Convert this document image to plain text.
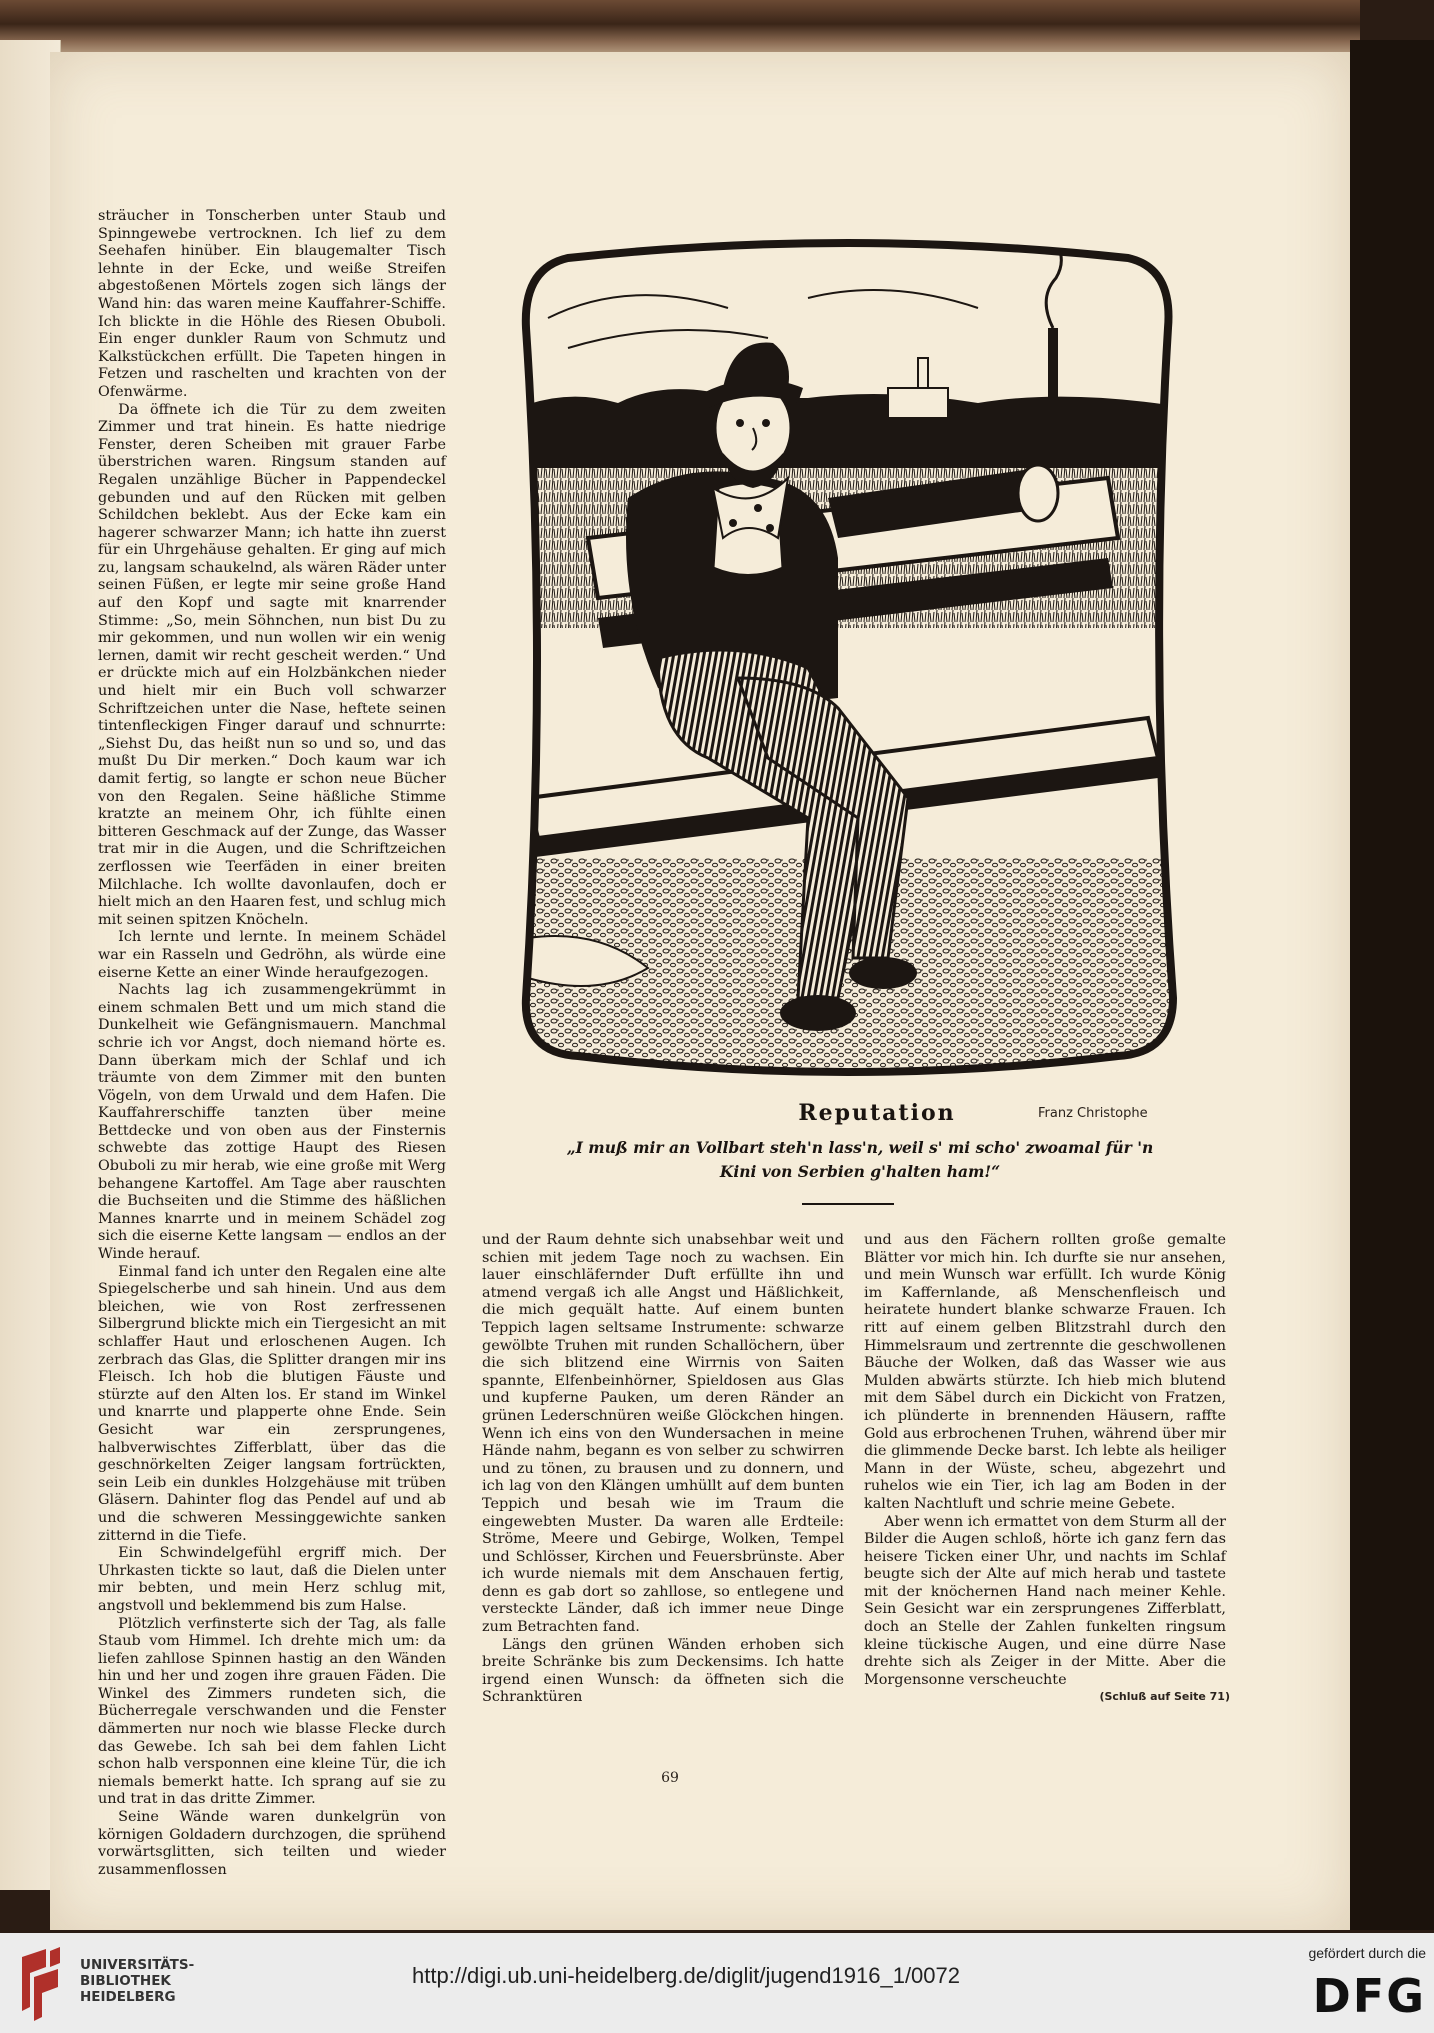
sträucher in Tonscherben unter Staub und Spinngewebe vertrocknen. Ich lief zu dem Seehafen hinüber. Ein blaugemalter Tisch lehnte in der Ecke, und weiße Streifen abgestoßenen Mörtels zogen sich längs der Wand hin: das waren meine Kauffahrer-Schiffe. Ich blickte in die Höhle des Riesen Obuboli. Ein enger dunkler Raum von Schmutz und Kalkstückchen erfüllt. Die Tapeten hingen in Fetzen und raschelten und krachten von der Ofenwärme.

Da öffnete ich die Tür zu dem zweiten Zimmer und trat hinein. Es hatte niedrige Fenster, deren Scheiben mit grauer Farbe überstrichen waren. Ringsum standen auf Regalen unzählige Bücher in Pappendeckel gebunden und auf den Rücken mit gelben Schildchen beklebt. Aus der Ecke kam ein hagerer schwarzer Mann; ich hatte ihn zuerst für ein Uhrgehäuse gehalten. Er ging auf mich zu, langsam schaukelnd, als wären Räder unter seinen Füßen, er legte mir seine große Hand auf den Kopf und sagte mit knarrender Stimme: „So, mein Söhnchen, nun bist Du zu mir gekommen, und nun wollen wir ein wenig lernen, damit wir recht gescheit werden.“ Und er drückte mich auf ein Holzbänkchen nieder und hielt mir ein Buch voll schwarzer Schriftzeichen unter die Nase, heftete seinen tintenfleckigen Finger darauf und schnurrte: „Siehst Du, das heißt nun so und so, und das mußt Du Dir merken.“ Doch kaum war ich damit fertig, so langte er schon neue Bücher von den Regalen. Seine häßliche Stimme kratzte an meinem Ohr, ich fühlte einen bitteren Geschmack auf der Zunge, das Wasser trat mir in die Augen, und die Schriftzeichen zerflossen wie Teerfäden in einer breiten Milchlache. Ich wollte davonlaufen, doch er hielt mich an den Haaren fest, und schlug mich mit seinen spitzen Knöcheln.

Ich lernte und lernte. In meinem Schädel war ein Rasseln und Gedröhn, als würde eine eiserne Kette an einer Winde heraufgezogen.

Nachts lag ich zusammengekrümmt in einem schmalen Bett und um mich stand die Dunkelheit wie Gefängnismauern. Manchmal schrie ich vor Angst, doch niemand hörte es. Dann überkam mich der Schlaf und ich träumte von dem Zimmer mit den bunten Vögeln, von dem Urwald und dem Hafen. Die Kauffahrerschiffe tanzten über meine Bettdecke und von oben aus der Finsternis schwebte das zottige Haupt des Riesen Obuboli zu mir herab, wie eine große mit Werg behangene Kartoffel. Am Tage aber rauschten die Buchseiten und die Stimme des häßlichen Mannes knarrte und in meinem Schädel zog sich die eiserne Kette langsam — endlos an der Winde herauf.

Einmal fand ich unter den Regalen eine alte Spiegelscherbe und sah hinein. Und aus dem bleichen, wie von Rost zerfressenen Silbergrund blickte mich ein Tiergesicht an mit schlaffer Haut und erloschenen Augen. Ich zerbrach das Glas, die Splitter drangen mir ins Fleisch. Ich hob die blutigen Fäuste und stürzte auf den Alten los. Er stand im Winkel und knarrte und plapperte ohne Ende. Sein Gesicht war ein zersprungenes, halbverwischtes Zifferblatt, über das die geschnörkelten Zeiger langsam fortrückten, sein Leib ein dunkles Holzgehäuse mit trüben Gläsern. Dahinter flog das Pendel auf und ab und die schweren Messinggewichte sanken zitternd in die Tiefe.

Ein Schwindelgefühl ergriff mich. Der Uhrkasten tickte so laut, daß die Dielen unter mir bebten, und mein Herz schlug mit, angstvoll und beklemmend bis zum Halse.

Plötzlich verfinsterte sich der Tag, als falle Staub vom Himmel. Ich drehte mich um: da liefen zahllose Spinnen hastig an den Wänden hin und her und zogen ihre grauen Fäden. Die Winkel des Zimmers rundeten sich, die Bücherregale verschwanden und die Fenster dämmerten nur noch wie blasse Flecke durch das Gewebe. Ich sah bei dem fahlen Licht schon halb versponnen eine kleine Tür, die ich niemals bemerkt hatte. Ich sprang auf sie zu und trat in das dritte Zimmer.

Seine Wände waren dunkelgrün von körnigen Goldadern durchzogen, die sprühend vorwärtsglitten, sich teilten und wieder zusammenflossen

Reputation	Franz Christophe
„I muß mir an Vollbart steh'n lass'n, weil s' mi scho' zwoamal für 'n
Kini von Serbien g'halten ham!“

und der Raum dehnte sich unabsehbar weit und schien mit jedem Tage noch zu wachsen. Ein lauer einschläfernder Duft erfüllte ihn und atmend vergaß ich alle Angst und Häßlichkeit, die mich gequält hatte. Auf einem bunten Teppich lagen seltsame Instrumente: schwarze gewölbte Truhen mit runden Schallöchern, über die sich blitzend eine Wirrnis von Saiten spannte, Elfenbeinhörner, Spieldosen aus Glas und kupferne Pauken, um deren Ränder an grünen Lederschnüren weiße Glöckchen hingen. Wenn ich eins von den Wundersachen in meine Hände nahm, begann es von selber zu schwirren und zu tönen, zu brausen und zu donnern, und ich lag von den Klängen umhüllt auf dem bunten Teppich und besah wie im Traum die eingewebten Muster. Da waren alle Erdteile: Ströme, Meere und Gebirge, Wolken, Tempel und Schlösser, Kirchen und Feuersbrünste. Aber ich wurde niemals mit dem Anschauen fertig, denn es gab dort so zahllose, so entlegene und versteckte Länder, daß ich immer neue Dinge zum Betrachten fand.

Längs den grünen Wänden erhoben sich breite Schränke bis zum Deckensims. Ich hatte irgend einen Wunsch: da öffneten sich die Schranktüren

und aus den Fächern rollten große gemalte Blätter vor mich hin. Ich durfte sie nur ansehen, und mein Wunsch war erfüllt. Ich wurde König im Kaffernlande, aß Menschenfleisch und heiratete hundert blanke schwarze Frauen. Ich ritt auf einem gelben Blitzstrahl durch den Himmelsraum und zertrennte die geschwollenen Bäuche der Wolken, daß das Wasser wie aus Mulden abwärts stürzte. Ich hieb mich blutend mit dem Säbel durch ein Dickicht von Fratzen, ich plünderte in brennenden Häusern, raffte Gold aus erbrochenen Truhen, während über mir die glimmende Decke barst. Ich lebte als heiliger Mann in der Wüste, scheu, abgezehrt und ruhelos wie ein Tier, ich lag am Boden in der kalten Nachtluft und schrie meine Gebete.

Aber wenn ich ermattet von dem Sturm all der Bilder die Augen schloß, hörte ich ganz fern das heisere Ticken einer Uhr, und nachts im Schlaf beugte sich der Alte auf mich herab und tastete mit der knöchernen Hand nach meiner Kehle. Sein Gesicht war ein zersprungenes Zifferblatt, doch an Stelle der Zahlen funkelten ringsum kleine tückische Augen, und eine dürre Nase drehte sich als Zeiger in der Mitte. Aber die Morgensonne verscheuchte

(Schluß auf Seite 71)
69
UNIVERSITÄTS-
BIBLIOTHEK
HEIDELBERG
http://digi.ub.uni-heidelberg.de/diglit/jugend1916_1/0072
gefördert durch die
DFG
